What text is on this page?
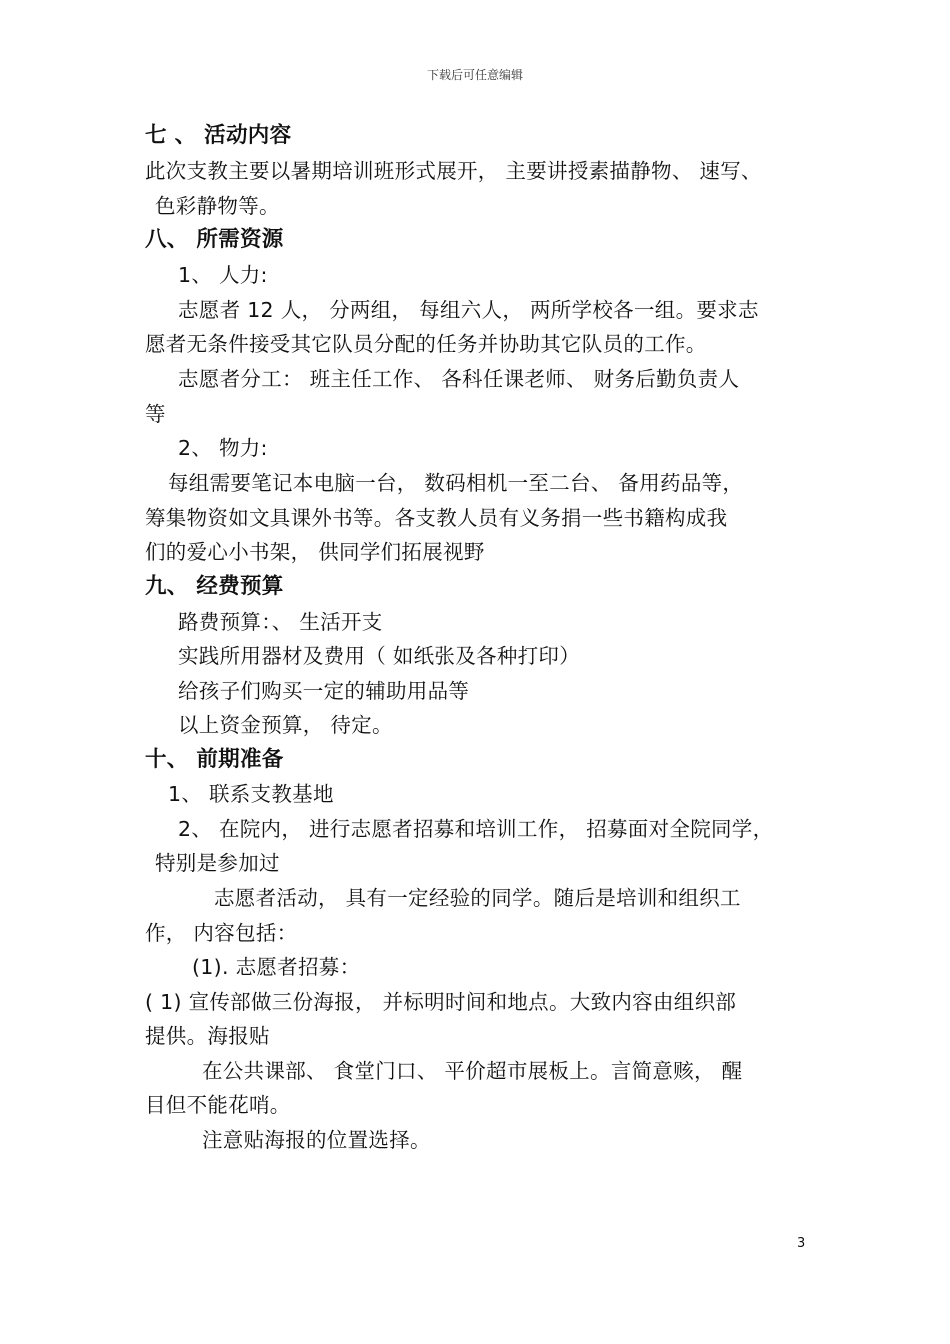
下载后可任意编辑
七 、 活动内容
此次支教主要以暑期培训班形式展开， 主要讲授素描静物、 速写、
色彩静物等。
八、 所需资源
1、 人力:
志愿者 12 人， 分两组， 每组六人， 两所学校各一组。要求志
愿者无条件接受其它队员分配的任务并协助其它队员的工作。
志愿者分工： 班主任工作、 各科任课老师、 财务后勤负责人
等
2、 物力:
每组需要笔记本电脑一台， 数码相机一至二台、 备用药品等，
筹集物资如文具课外书等。各支教人员有义务捐一些书籍构成我
们的爱心小书架， 供同学们拓展视野
九、 经费预算
路费预算：、 生活开支
实践所用器材及费用（ 如纸张及各种打印）
给孩子们购买一定的辅助用品等
以上资金预算， 待定。
十、 前期准备
1、 联系支教基地
2、 在院内， 进行志愿者招募和培训工作， 招募面对全院同学，
特别是参加过
志愿者活动， 具有一定经验的同学。随后是培训和组织工
作， 内容包括：
(1). 志愿者招募：
( 1) 宣传部做三份海报， 并标明时间和地点。大致内容由组织部
提供。海报贴
在公共课部、 食堂门口、 平价超市展板上。言简意赅， 醒
目但不能花哨。
注意贴海报的位置选择。
3
